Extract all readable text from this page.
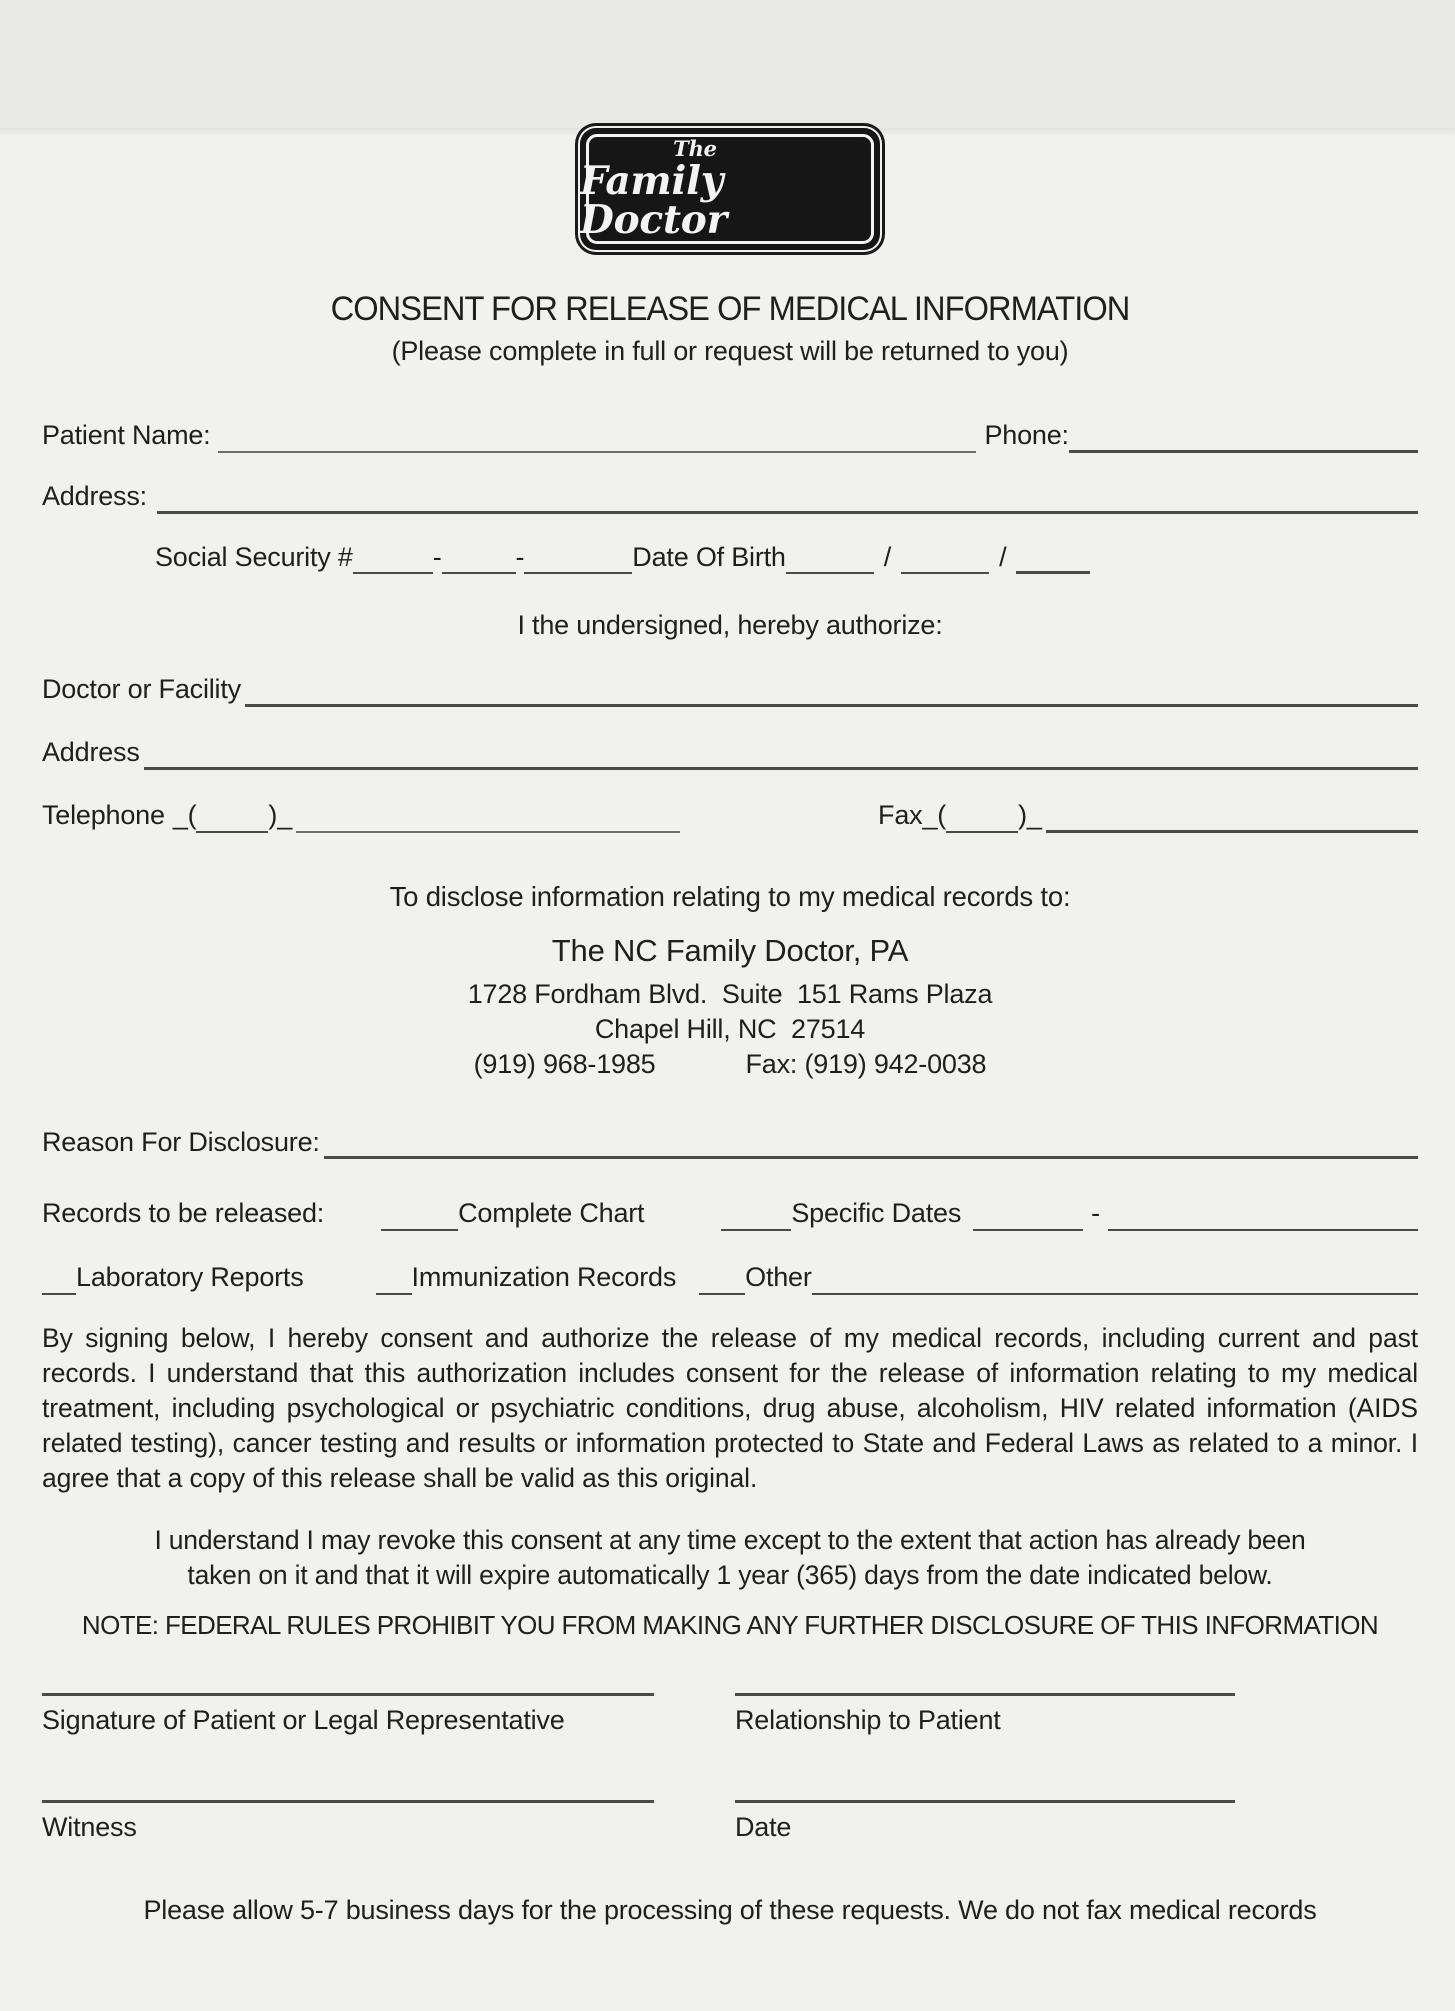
The
Family Doctor
CONSENT FOR RELEASE OF MEDICAL INFORMATION
(Please complete in full or request will be returned to you)
Patient Name:	Phone:
Address:
Social Security #	-	-	Date Of Birth	/	/
I the undersigned, hereby authorize:
Doctor or Facility
Address
Telephone _(	)_	Fax _(	)_
To disclose information relating to my medical records to:
The NC Family Doctor, PA
1728 Fordham Blvd.  Suite  151 Rams Plaza
Chapel Hill, NC  27514
(919) 968-1985	Fax: (919) 942-0038
Reason For Disclosure:
Records to be released:	Complete Chart	Specific Dates	-
Laboratory Reports	Immunization Records	Other
By signing below, I hereby consent and authorize the release of my medical records, including current and past records. I understand that this authorization includes consent for the release of information relating to my medical treatment, including psychological or psychiatric conditions, drug abuse, alcoholism, HIV related information (AIDS related testing), cancer testing and results or information protected to State and Federal Laws as related to a minor. I agree that a copy of this release shall be valid as this original.
I understand I may revoke this consent at any time except to the extent that action has already been taken on it and that it will expire automatically 1 year (365) days from the date indicated below.
NOTE: FEDERAL RULES PROHIBIT YOU FROM MAKING ANY FURTHER DISCLOSURE OF THIS INFORMATION
Signature of Patient or Legal Representative	Relationship to Patient
Witness	Date
Please allow 5-7 business days for the processing of these requests. We do not fax medical records
